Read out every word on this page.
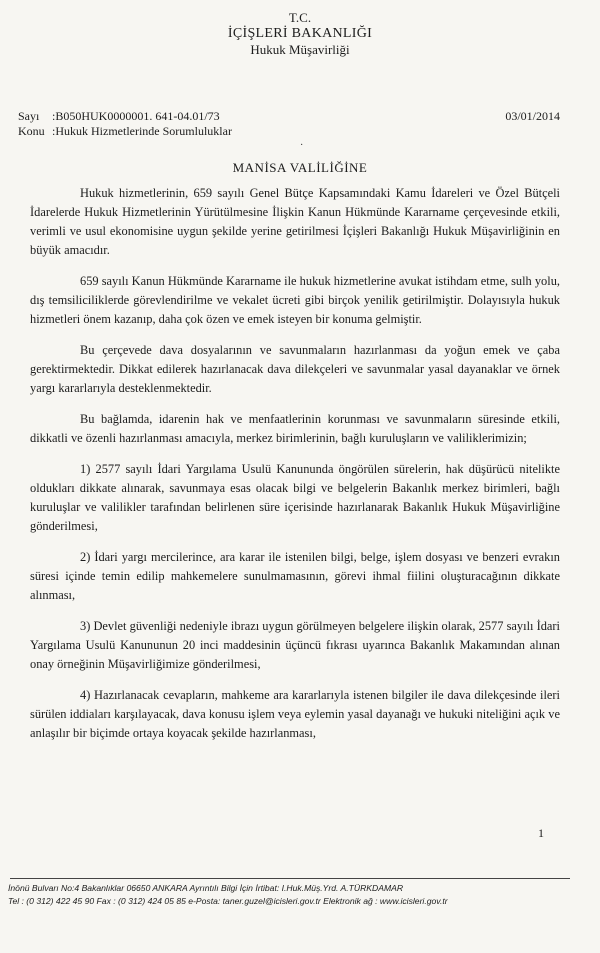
T.C.
İÇİŞLERİ BAKANLIĞI
Hukuk Müşavirliği
Sayı :B050HUK0000001. 641-04.01/73	03/01/2014
Konu :Hukuk Hizmetlerinde Sorumluluklar
·
MANİSA VALİLİĞİNE

Hukuk hizmetlerinin, 659 sayılı Genel Bütçe Kapsamındaki Kamu İdareleri ve Özel Bütçeli İdarelerde Hukuk Hizmetlerinin Yürütülmesine İlişkin Kanun Hükmünde Kararname çerçevesinde etkili, verimli ve usul ekonomisine uygun şekilde yerine getirilmesi İçişleri Bakanlığı Hukuk Müşavirliğinin en büyük amacıdır.

659 sayılı Kanun Hükmünde Kararname ile hukuk hizmetlerine avukat istihdam etme, sulh yolu, dış temsiliciliklerde görevlendirilme ve vekalet ücreti gibi birçok yenilik getirilmiştir. Dolayısıyla hukuk hizmetleri önem kazanıp, daha çok özen ve emek isteyen bir konuma gelmiştir.

Bu çerçevede dava dosyalarının ve savunmaların hazırlanması da yoğun emek ve çaba gerektirmektedir. Dikkat edilerek hazırlanacak dava dilekçeleri ve savunmalar yasal dayanaklar ve örnek yargı kararlarıyla desteklenmektedir.

Bu bağlamda, idarenin hak ve menfaatlerinin korunması ve savunmaların süresinde etkili, dikkatli ve özenli hazırlanması amacıyla, merkez birimlerinin, bağlı kuruluşların ve valiliklerimizin;

1) 2577 sayılı İdari Yargılama Usulü Kanununda öngörülen sürelerin, hak düşürücü nitelikte oldukları dikkate alınarak, savunmaya esas olacak bilgi ve belgelerin Bakanlık merkez birimleri, bağlı kuruluşlar ve valilikler tarafından belirlenen süre içerisinde hazırlanarak Bakanlık Hukuk Müşavirliğine gönderilmesi,

2) İdari yargı mercilerince, ara karar ile istenilen bilgi, belge, işlem dosyası ve benzeri evrakın süresi içinde temin edilip mahkemelere sunulmamasının, görevi ihmal fiilini oluşturacağının dikkate alınması,

3) Devlet güvenliği nedeniyle ibrazı uygun görülmeyen belgelere ilişkin olarak, 2577 sayılı İdari Yargılama Usulü Kanununun 20 inci maddesinin üçüncü fıkrası uyarınca Bakanlık Makamından alınan onay örneğinin Müşavirliğimize gönderilmesi,

4) Hazırlanacak cevapların, mahkeme ara kararlarıyla istenen bilgiler ile dava dilekçesinde ileri sürülen iddiaları karşılayacak, dava konusu işlem veya eylemin yasal dayanağı ve hukuki niteliğini açık ve anlaşılır bir biçimde ortaya koyacak şekilde hazırlanması,

1
İnönü Bulvarı No:4 Bakanlıklar 06650 ANKARA Ayrıntılı Bilgi İçin İrtibat: I.Huk.Müş.Yrd. A.TÜRKDAMAR
Tel : (0 312) 422 45 90 Fax : (0 312) 424 05 85 e-Posta: taner.guzel@icisleri.gov.tr Elektronik ağ : www.icisleri.gov.tr
